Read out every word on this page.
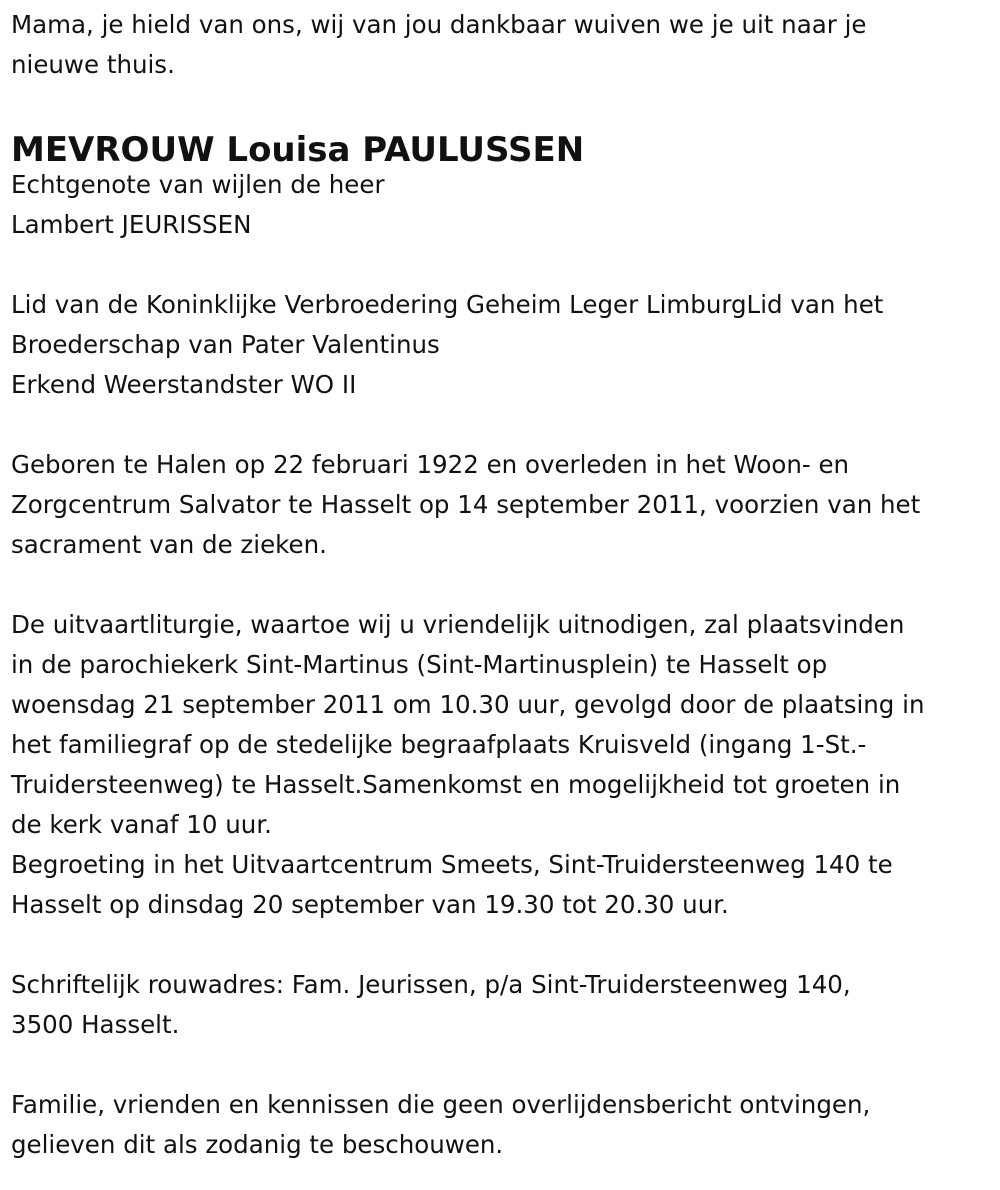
Mama, je hield van ons, wij van jou dankbaar wuiven we je uit naar je
nieuwe thuis.
MEVROUW Louisa PAULUSSEN
Echtgenote van wijlen de heer
Lambert JEURISSEN
Lid van de Koninklijke Verbroedering Geheim Leger LimburgLid van het
Broederschap van Pater Valentinus
Erkend Weerstandster WO II
Geboren te Halen op 22 februari 1922 en overleden in het Woon- en
Zorgcentrum Salvator te Hasselt op 14 september 2011, voorzien van het
sacrament van de zieken.
De uitvaartliturgie, waartoe wij u vriendelijk uitnodigen, zal plaatsvinden
in de parochiekerk Sint-Martinus (Sint-Martinusplein) te Hasselt op
woensdag 21 september 2011 om 10.30 uur, gevolgd door de plaatsing in
het familiegraf op de stedelijke begraafplaats Kruisveld (ingang 1-St.-
Truidersteenweg) te Hasselt.Samenkomst en mogelijkheid tot groeten in
de kerk vanaf 10 uur.
Begroeting in het Uitvaartcentrum Smeets, Sint-Truidersteenweg 140 te
Hasselt op dinsdag 20 september van 19.30 tot 20.30 uur.
Schriftelijk rouwadres: Fam. Jeurissen, p/a Sint-Truidersteenweg 140,
3500 Hasselt.
Familie, vrienden en kennissen die geen overlijdensbericht ontvingen,
gelieven dit als zodanig te beschouwen.
